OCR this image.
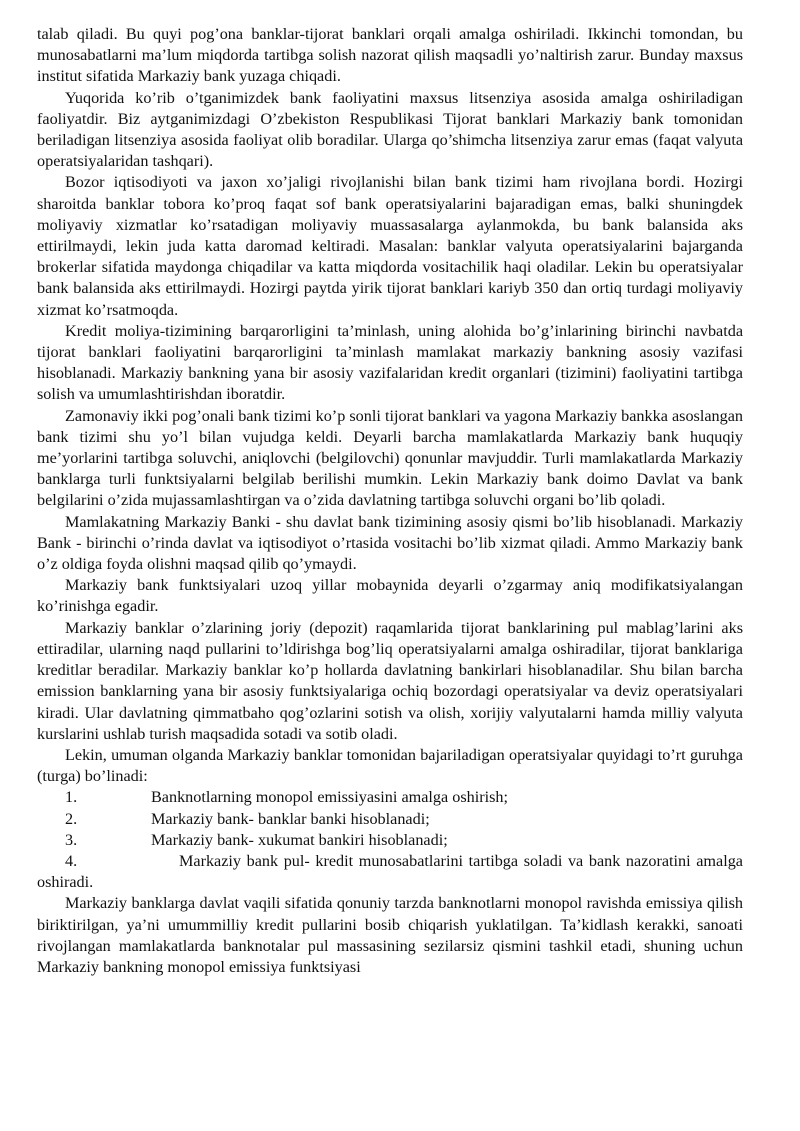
talab qiladi. Bu quyi pog’ona banklar-tijorat banklari orqali amalga oshiriladi. Ikkinchi tomondan, bu munosabatlarni ma’lum miqdorda tartibga solish nazorat qilish maqsadli yo’naltirish zarur. Bunday maxsus institut sifatida Markaziy bank yuzaga chiqadi.

Yuqorida ko’rib o’tganimizdek bank faoliyatini maxsus litsenziya asosida amalga oshiriladigan faoliyatdir. Biz aytganimizdagi O’zbekiston Respublikasi Tijorat banklari Markaziy bank tomonidan beriladigan litsenziya asosida faoliyat olib boradilar. Ularga qo’shimcha litsenziya zarur emas (faqat valyuta operatsiyalaridan tashqari).

Bozor iqtisodiyoti va jaxon xo’jaligi rivojlanishi bilan bank tizimi ham rivojlana bordi. Hozirgi sharoitda banklar tobora ko’proq faqat sof bank operatsiyalarini bajaradigan emas, balki shuningdek moliyaviy xizmatlar ko’rsatadigan moliyaviy muassasalarga aylanmokda, bu bank balansida aks ettirilmaydi, lekin juda katta daromad keltiradi. Masalan: banklar valyuta operatsiyalarini bajarganda brokerlar sifatida maydonga chiqadilar va katta miqdorda vositachilik haqi oladilar. Lekin bu operatsiyalar bank balansida aks ettirilmaydi. Hozirgi paytda yirik tijorat banklari kariyb 350 dan ortiq turdagi moliyaviy xizmat ko’rsatmoqda.

Kredit moliya-tizimining barqarorligini ta’minlash, uning alohida bo’g’inlarining birinchi navbatda tijorat banklari faoliyatini barqarorligini ta’minlash mamlakat markaziy bankning asosiy vazifasi hisoblanadi. Markaziy bankning yana bir asosiy vazifalaridan kredit organlari (tizimini) faoliyatini tartibga solish va umumlashtirishdan iboratdir.

Zamonaviy ikki pog’onali bank tizimi ko’p sonli tijorat banklari va yagona Markaziy bankka asoslangan bank tizimi shu yo’l bilan vujudga keldi. Deyarli barcha mamlakatlarda Markaziy bank huquqiy me’yorlarini tartibga soluvchi, aniqlovchi (belgilovchi) qonunlar mavjuddir. Turli mamlakatlarda Markaziy banklarga turli funktsiyalarni belgilab berilishi mumkin. Lekin Markaziy bank doimo Davlat va bank belgilarini o’zida mujassamlashtirgan va o’zida davlatning tartibga soluvchi organi bo’lib qoladi.

Mamlakatning Markaziy Banki - shu davlat bank tizimining asosiy qismi bo’lib hisoblanadi. Markaziy Bank - birinchi o’rinda davlat va iqtisodiyot o’rtasida vositachi bo’lib xizmat qiladi. Ammo Markaziy bank o’z oldiga foyda olishni maqsad qilib qo’ymaydi.

Markaziy bank funktsiyalari uzoq yillar mobaynida deyarli o’zgarmay aniq modifikatsiyalangan ko’rinishga egadir.

Markaziy banklar o’zlarining joriy (depozit) raqamlarida tijorat banklarining pul mablag’larini aks ettiradilar, ularning naqd pullarini to’ldirishga bog’liq operatsiyalarni amalga oshiradilar, tijorat banklariga kreditlar beradilar. Markaziy banklar ko’p hollarda davlatning bankirlari hisoblanadilar. Shu bilan barcha emission banklarning yana bir asosiy funktsiyalariga ochiq bozordagi operatsiyalar va deviz operatsiyalari kiradi. Ular davlatning qimmatbaho qog’ozlarini sotish va olish, xorijiy valyutalarni hamda milliy valyuta kurslarini ushlab turish maqsadida sotadi va sotib oladi.

Lekin, umuman olganda Markaziy banklar tomonidan bajariladigan operatsiyalar quyidagi to’rt guruhga (turga) bo’linadi:

1.	Banknotlarning monopol emissiyasini amalga oshirish;
2.	Markaziy bank- banklar banki hisoblanadi;
3.	Markaziy bank- xukumat bankiri hisoblanadi;
4.	Markaziy bank pul- kredit munosabatlarini tartibga soladi va bank nazoratini amalga oshiradi.

Markaziy banklarga davlat vaqili sifatida qonuniy tarzda banknotlarni monopol ravishda emissiya qilish biriktirilgan, ya’ni umummilliy kredit pullarini bosib chiqarish yuklatilgan. Ta’kidlash kerakki, sanoati rivojlangan mamlakatlarda banknotalar pul massasining sezilarsiz qismini tashkil etadi, shuning uchun Markaziy bankning monopol emissiya funktsiyasi
